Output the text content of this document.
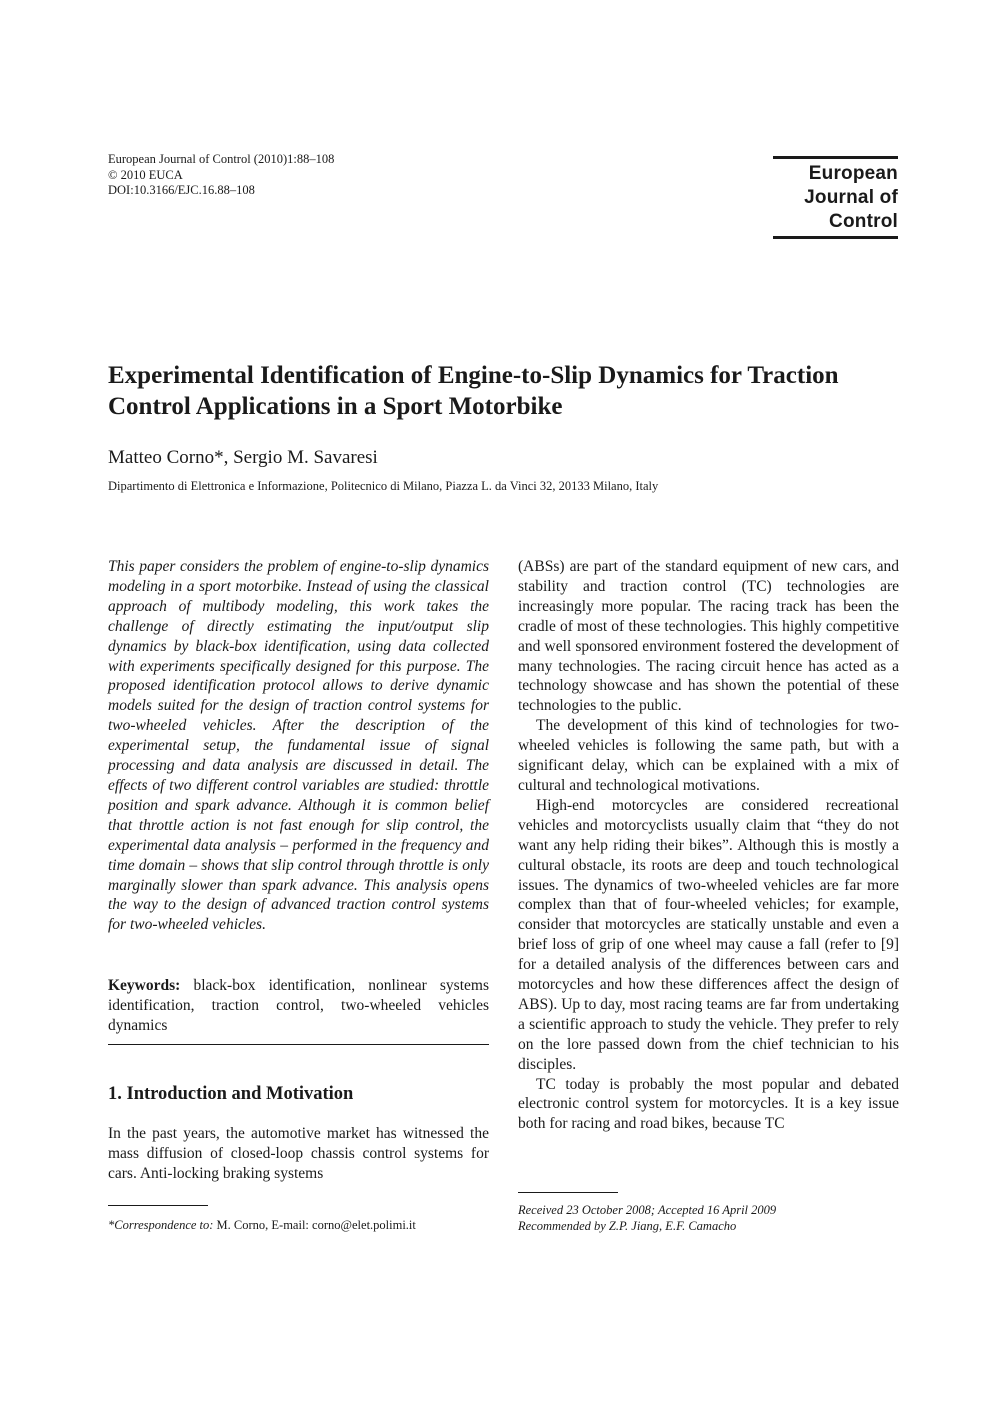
European Journal of Control (2010)1:88–108
© 2010 EUCA
DOI:10.3166/EJC.16.88–108
European
Journal of
Control
Experimental Identification of Engine-to-Slip Dynamics for Traction Control Applications in a Sport Motorbike
Matteo Corno*, Sergio M. Savaresi
Dipartimento di Elettronica e Informazione, Politecnico di Milano, Piazza L. da Vinci 32, 20133 Milano, Italy
This paper considers the problem of engine-to-slip dynamics modeling in a sport motorbike. Instead of using the classical approach of multibody modeling, this work takes the challenge of directly estimating the input/output slip dynamics by black-box identification, using data collected with experiments specifically designed for this purpose. The proposed identification protocol allows to derive dynamic models suited for the design of traction control systems for two-wheeled vehicles. After the description of the experimental setup, the fundamental issue of signal processing and data analysis are discussed in detail. The effects of two different control variables are studied: throttle position and spark advance. Although it is common belief that throttle action is not fast enough for slip control, the experimental data analysis – performed in the frequency and time domain – shows that slip control through throttle is only marginally slower than spark advance. This analysis opens the way to the design of advanced traction control systems for two-wheeled vehicles.
Keywords: black-box identification, nonlinear systems identification, traction control, two-wheeled vehicles dynamics
1. Introduction and Motivation
In the past years, the automotive market has witnessed the mass diffusion of closed-loop chassis control systems for cars. Anti-locking braking systems
*Correspondence to: M. Corno, E-mail: corno@elet.polimi.it

(ABSs) are part of the standard equipment of new cars, and stability and traction control (TC) technologies are increasingly more popular. The racing track has been the cradle of most of these technologies. This highly competitive and well sponsored environment fostered the development of many technologies. The racing circuit hence has acted as a technology showcase and has shown the potential of these technologies to the public.

The development of this kind of technologies for two-wheeled vehicles is following the same path, but with a significant delay, which can be explained with a mix of cultural and technological motivations.

High-end motorcycles are considered recreational vehicles and motorcyclists usually claim that “they do not want any help riding their bikes”. Although this is mostly a cultural obstacle, its roots are deep and touch technological issues. The dynamics of two-wheeled vehicles are far more complex than that of four-wheeled vehicles; for example, consider that motorcycles are statically unstable and even a brief loss of grip of one wheel may cause a fall (refer to [9] for a detailed analysis of the differences between cars and motorcycles and how these differences affect the design of ABS). Up to day, most racing teams are far from undertaking a scientific approach to study the vehicle. They prefer to rely on the lore passed down from the chief technician to his disciples.

TC today is probably the most popular and debated electronic control system for motorcycles. It is a key issue both for racing and road bikes, because TC

Received 23 October 2008; Accepted 16 April 2009
Recommended by Z.P. Jiang, E.F. Camacho
